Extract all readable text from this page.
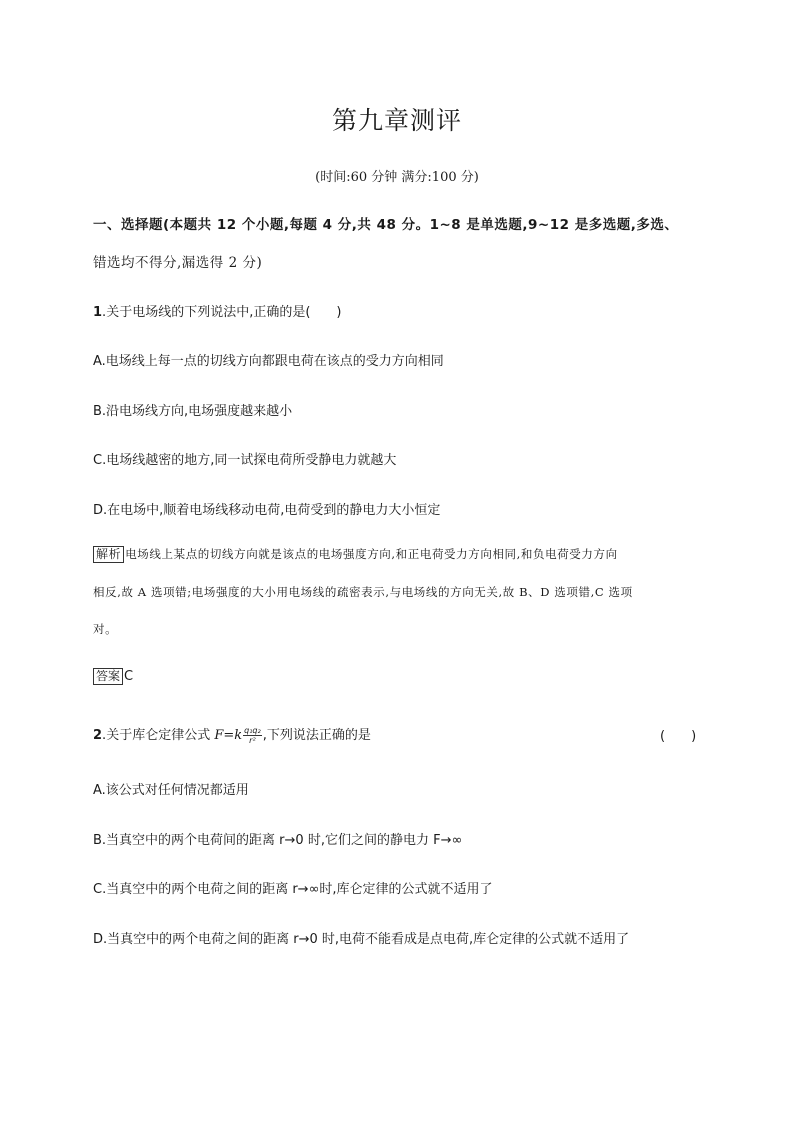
第九章测评
(时间:60 分钟 满分:100 分)
一、选择题(本题共 12 个小题,每题 4 分,共 48 分。1~8 是单选题,9~12 是多选题,多选、
错选均不得分,漏选得 2 分)
1.关于电场线的下列说法中,正确的是(　　)
A.电场线上每一点的切线方向都跟电荷在该点的受力方向相同
B.沿电场线方向,电场强度越来越小
C.电场线越密的地方,同一试探电荷所受静电力就越大
D.在电场中,顺着电场线移动电荷,电荷受到的静电力大小恒定
解析 电场线上某点的切线方向就是该点的电场强度方向,和正电荷受力方向相同,和负电荷受力方向
相反,故 A 选项错;电场强度的大小用电场线的疏密表示,与电场线的方向无关,故 B、D 选项错,C 选项
对。
答案 C
2.关于库仑定律公式 $F=k \frac{\text{q₁q₂}}{\text{r²}}$ ,下列说法正确的是	(　　)
A.该公式对任何情况都适用
B.当真空中的两个电荷间的距离 r→0 时,它们之间的静电力 F→∞
C.当真空中的两个电荷之间的距离 r→∞时,库仑定律的公式就不适用了
D.当真空中的两个电荷之间的距离 r→0 时,电荷不能看成是点电荷,库仑定律的公式就不适用了
